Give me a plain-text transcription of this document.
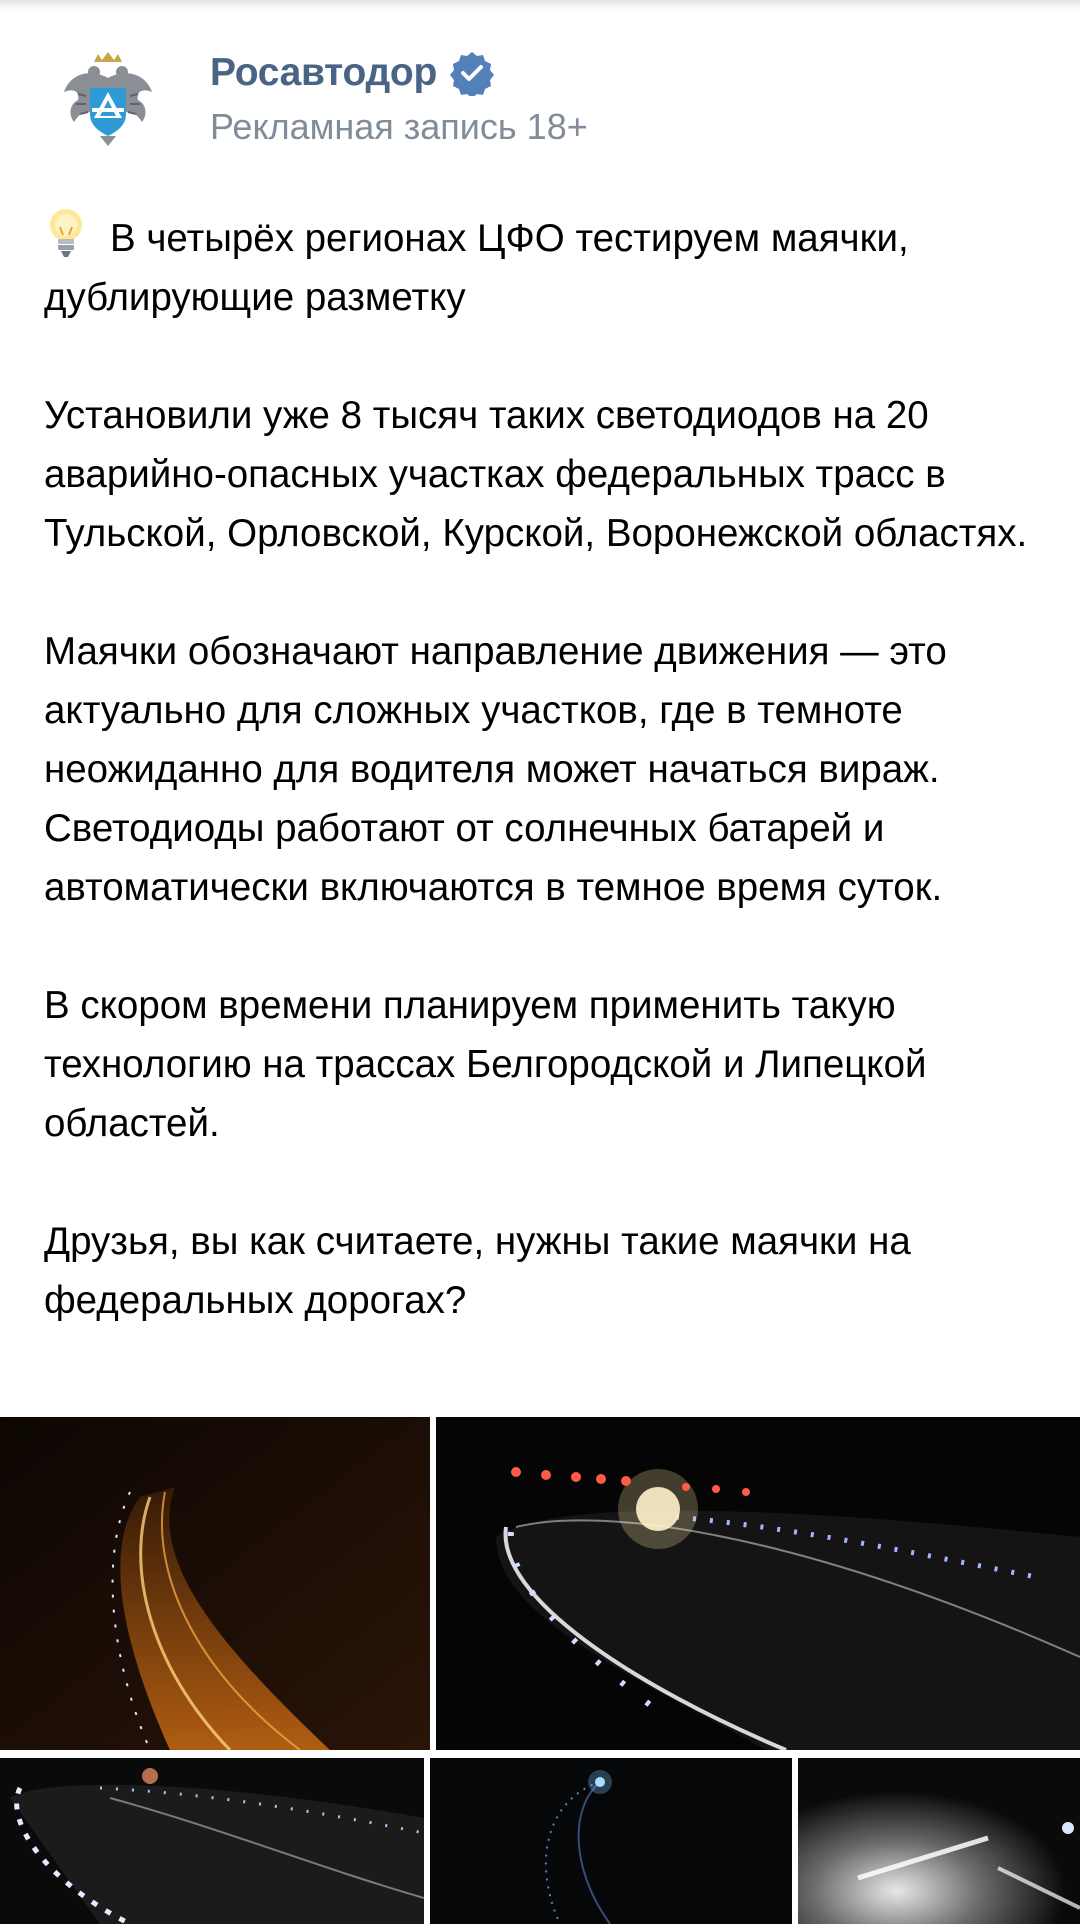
Росавтодор
Рекламная запись 18+

В четырёх регионах ЦФО тестируем маячки, дублирующие разметку

Установили уже 8 тысяч таких светодиодов на 20 аварийно-опасных участках федеральных трасс в Тульской, Орловской, Курской, Воронежской областях.

Маячки обозначают направление движения — это актуально для сложных участков, где в темноте неожиданно для водителя может начаться вираж. Светодиоды работают от солнечных батарей и автоматически включаются в темное время суток.

В скором времени планируем применить такую технологию на трассах Белгородской и Липецкой областей.

Друзья, вы как считаете, нужны такие маячки на федеральных дорогах?
